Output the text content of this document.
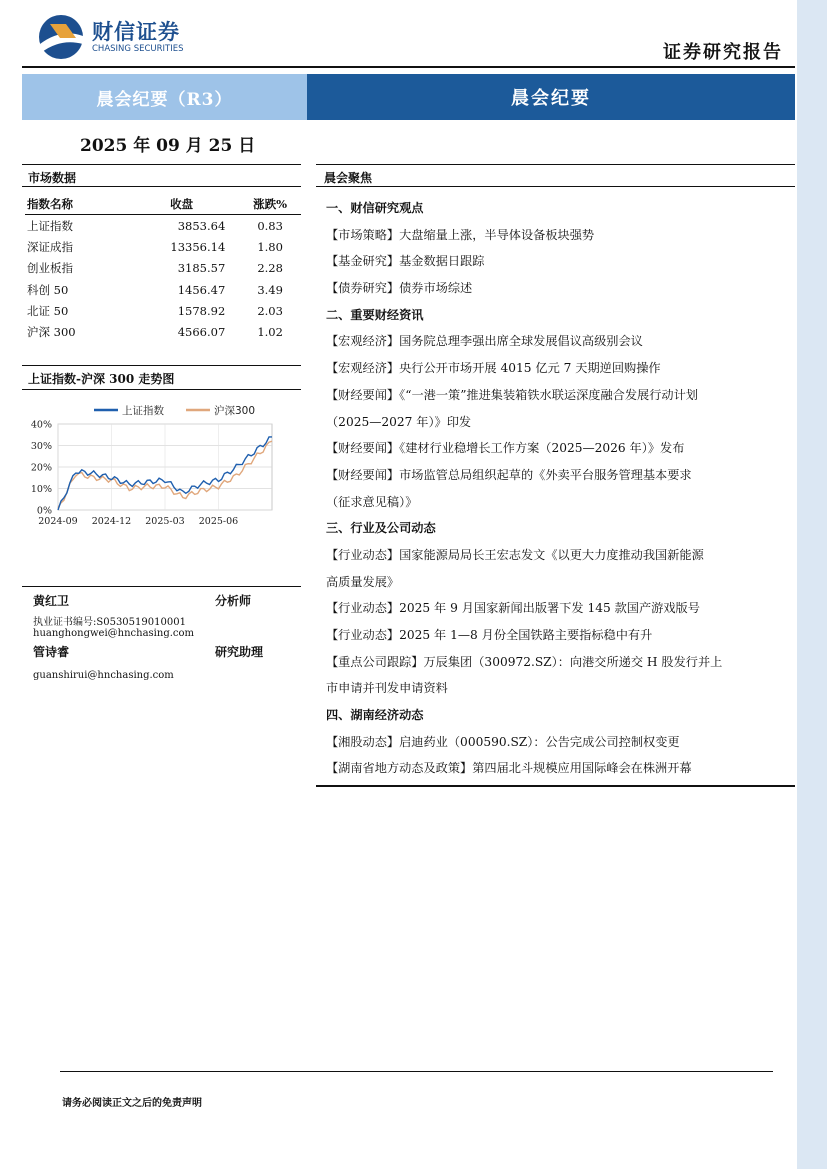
财信证券
CHASING SECURITIES	证券研究报告
晨会纪要（R3）	晨会纪要
2025 年 09 月 25 日
市场数据
指数名称	收盘	涨跌%
上证指数	3853.64	0.83
深证成指	13356.14	1.80
创业板指	3185.57	2.28
科创 50	1456.47	3.49
北证 50	1578.92	2.03
沪深 300	4566.07	1.02
上证指数-沪深 300 走势图
0%
10%
20%
30%
40%
2024-09 2024-12 2025-03 2025-06
上证指数	沪深300
黄红卫	分析师
执业证书编号:S0530519010001
huanghongwei@hnchasing.com
管诗睿	研究助理
guanshirui@hnchasing.com
晨会聚焦
一、财信研究观点
【市场策略】大盘缩量上涨，半导体设备板块强势
【基金研究】基金数据日跟踪
【债券研究】债券市场综述
二、重要财经资讯
【宏观经济】国务院总理李强出席全球发展倡议高级别会议
【宏观经济】央行公开市场开展 4015 亿元 7 天期逆回购操作
【财经要闻】《“一港一策”推进集装箱铁水联运深度融合发展行动计划
（2025—2027 年）》印发
【财经要闻】《建材行业稳增长工作方案（2025—2026 年）》发布
【财经要闻】市场监管总局组织起草的《外卖平台服务管理基本要求
（征求意见稿）》
三、行业及公司动态
【行业动态】国家能源局局长王宏志发文《以更大力度推动我国新能源
高质量发展》
【行业动态】2025 年 9 月国家新闻出版署下发 145 款国产游戏版号
【行业动态】2025 年 1—8 月份全国铁路主要指标稳中有升
【重点公司跟踪】万辰集团（300972.SZ）：向港交所递交 H 股发行并上
市申请并刊发申请资料
四、湖南经济动态
【湘股动态】启迪药业（000590.SZ）：公告完成公司控制权变更
【湖南省地方动态及政策】第四届北斗规模应用国际峰会在株洲开幕
请务必阅读正文之后的免责声明
